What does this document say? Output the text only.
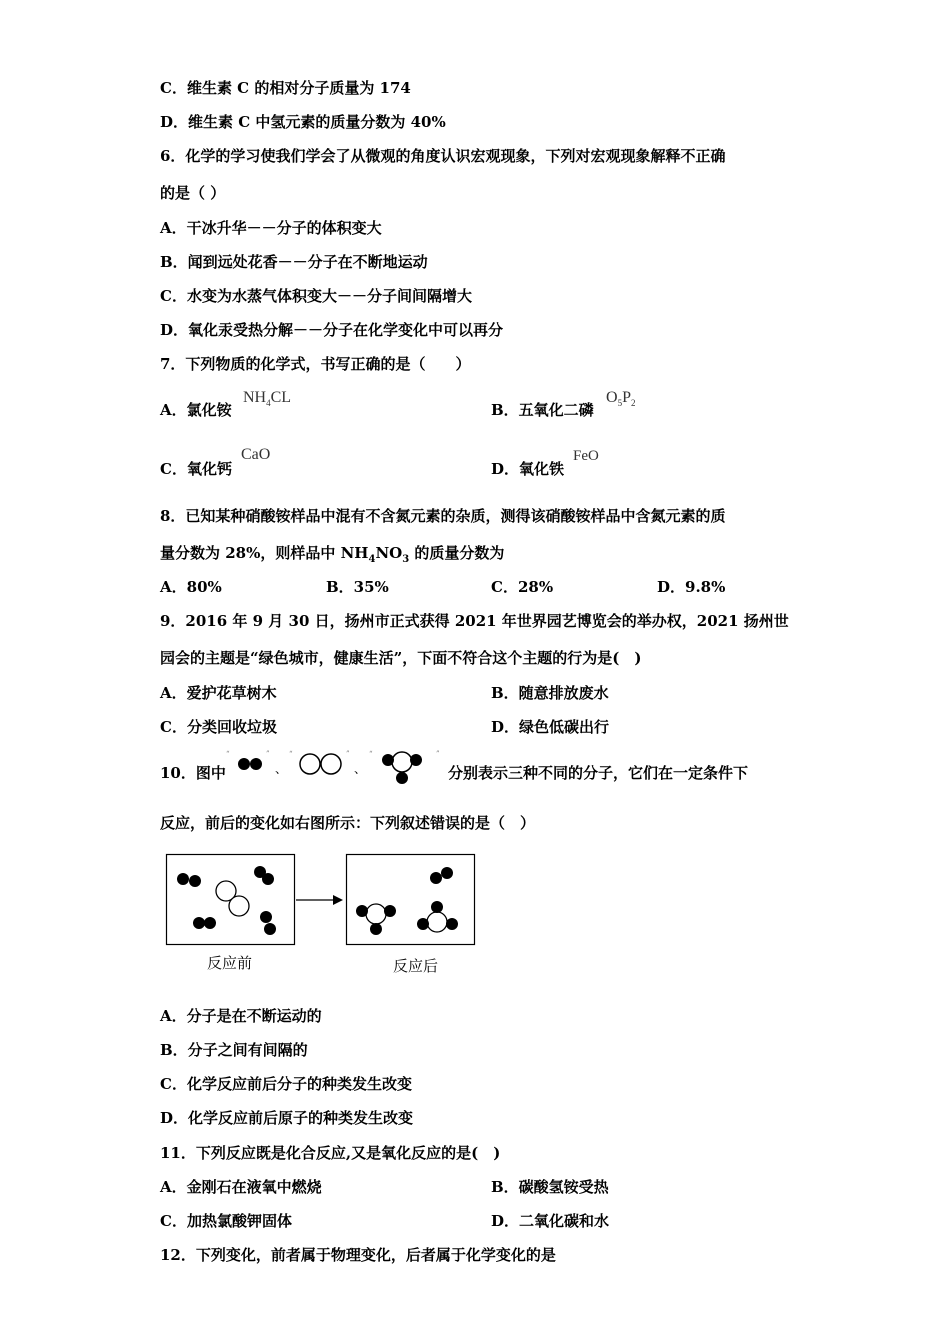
C．维生素 C 的相对分子质量为 174
D．维生素 C 中氢元素的质量分数为 40%
6．化学的学习使我们学会了从微观的角度认识宏观现象，下列对宏观现象解释不正确
的是（ ）
A．干冰升华－－分子的体积变大
B．闻到远处花香－－分子在不断地运动
C．水变为水蒸气体积变大－－分子间间隔增大
D．氧化汞受热分解－－分子在化学变化中可以再分
7．下列物质的化学式，书写正确的是（　　）
A．氯化铵
$NH_4CL$
B．五氧化二磷
$O_5P_2$
C．氧化钙
CaO
D．氧化铁
FeO
8．已知某种硝酸铵样品中混有不含氮元素的杂质，测得该硝酸铵样品中含氮元素的质
量分数为 28%，则样品中 $NH_4NO_3$ 的质量分数为
A．80%	B．35%	C．28%	D．9.8%
9．2016 年 9 月 30 日，扬州市正式获得 2021 年世界园艺博览会的举办权，2021 扬州世
园会的主题是“绿色城市，健康生活”，下面不符合这个主题的行为是(　)
A．爱护花草树木	B．随意排放废水
C．分类回收垃圾	D．绿色低碳出行
10．图中
“	”
、
“	”
、
“	”
分别表示三种不同的分子，它们在一定条件下
反应，前后的变化如右图所示：下列叙述错误的是（　）
反应前	反应后
A．分子是在不断运动的
B．分子之间有间隔的
C．化学反应前后分子的种类发生改变
D．化学反应前后原子的种类发生改变
11．下列反应既是化合反应,又是氧化反应的是(　)
A．金刚石在液氧中燃烧	B．碳酸氢铵受热
C．加热氯酸钾固体	D．二氧化碳和水
12．下列变化，前者属于物理变化，后者属于化学变化的是
